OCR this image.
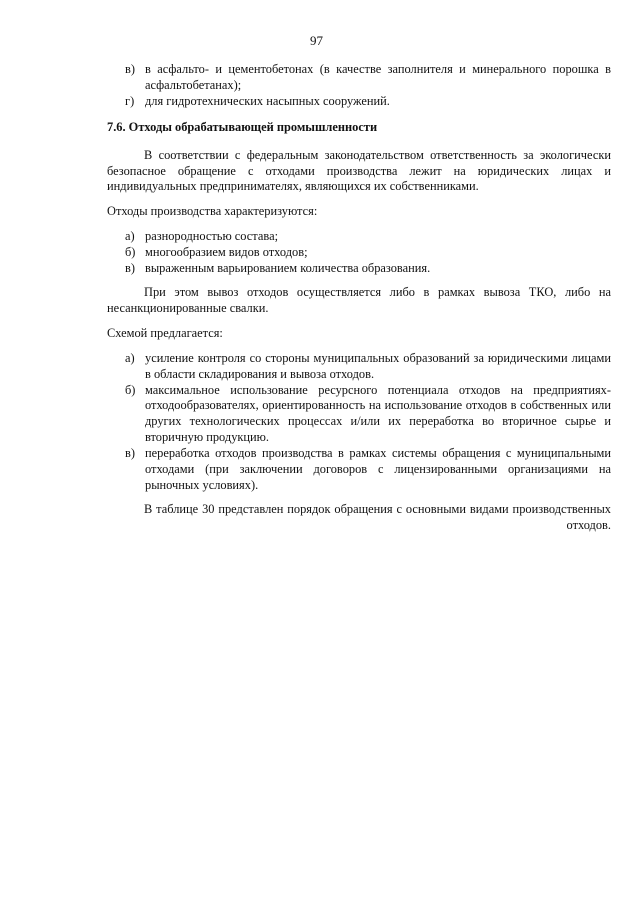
97
в) в асфальто- и цементобетонах (в качестве заполнителя и минерального порошка в асфальтобетанах);
г) для гидротехнических насыпных сооружений.
7.6. Отходы обрабатывающей промышленности
В соответствии с федеральным законодательством ответственность за экологически безопасное обращение с отходами производства лежит на юридических лицах и индивидуальных предпринимателях, являющихся их собственниками.
Отходы производства характеризуются:
а) разнородностью состава;
б) многообразием видов отходов;
в) выраженным варьированием количества образования.
При этом вывоз отходов осуществляется либо в рамках вывоза ТКО, либо на несанкционированные свалки.
Схемой предлагается:
а) усиление контроля со стороны муниципальных образований за юридическими лицами в области складирования и вывоза отходов.
б) максимальное использование ресурсного потенциала отходов на предприятиях-отходообразователях, ориентированность на использование отходов в собственных или других технологических процессах и/или их переработка во вторичное сырье и вторичную продукцию.
в) переработка отходов производства в рамках системы обращения с муниципальными отходами (при заключении договоров с лицензированными организациями на рыночных условиях).
В таблице 30 представлен порядок обращения с основными видами производственных
отходов.
